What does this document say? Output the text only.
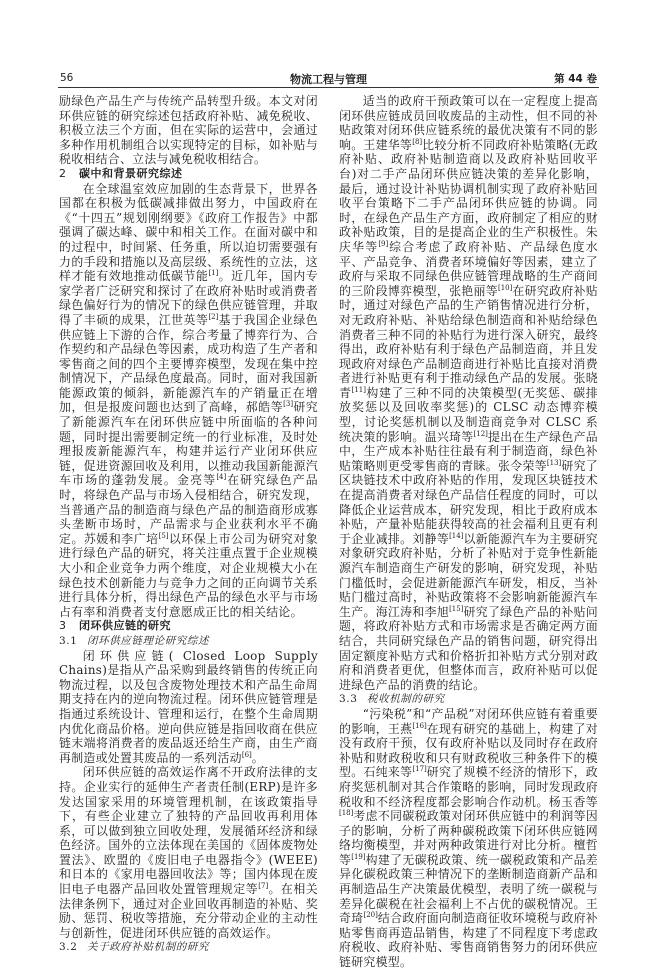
56	物流工程与管理	第 44 卷

励绿色产品生产与传统产品转型升级。本文对闭环供应链的研究综述包括政府补贴、减免税收、积极立法三个方面，但在实际的运营中，会通过多种作用机制组合以实现特定的目标，如补贴与税收相结合、立法与减免税收相结合。

2 碳中和背景研究综述

在全球温室效应加剧的生态背景下，世界各国都在积极为低碳减排做出努力，中国政府在《“十四五”规划刚纲要》《政府工作报告》中都强调了碳达峰、碳中和相关工作。在面对碳中和的过程中，时间紧、任务重，所以迫切需要强有力的手段和措施以及高层级、系统性的立法，这样才能有效地推动低碳节能[1]。近几年，国内专家学者广泛研究和探讨了在政府补贴时或消费者绿色偏好行为的情况下的绿色供应链管理，并取得了丰硕的成果，江世英等[2]基于我国企业绿色供应链上下游的合作，综合考量了博弈行为、合作契约和产品绿色等因素，成功构造了生产者和零售商之间的四个主要博弈模型，发现在集中控制情况下，产品绿色度最高。同时，面对我国新能源政策的倾斜，新能源汽车的产销量正在增加，但是报废问题也达到了高峰，郝皓等[3]研究了新能源汽车在闭环供应链中所面临的各种问题，同时提出需要制定统一的行业标准，及时处理报废新能源汽车，构建并运行产业闭环供应链，促进资源回收及利用，以推动我国新能源汽车市场的蓬勃发展。金亮等[4]在研究绿色产品时，将绿色产品与市场入侵相结合，研究发现，当普通产品的制造商与绿色产品的制造商形成寡头垄断市场时，产品需求与企业获利水平不确定。苏媛和李广培[5]以环保上市公司为研究对象进行绿色产品的研究，将关注重点置于企业规模大小和企业竞争力两个维度，对企业规模大小在绿色技术创新能力与竞争力之间的正向调节关系进行具体分析，得出绿色产品的绿色水平与市场占有率和消费者支付意愿成正比的相关结论。

3 闭环供应链的研究
3.1 闭环供应链理论研究综述

闭环供应链( Closed Loop Supply Chains)是指从产品采购到最终销售的传统正向物流过程，以及包含废物处理技术和产品生命周期支持在内的逆向物流过程。闭环供应链管理是指通过系统设计、管理和运行，在整个生命周期内优化商品价格。逆向供应链是指回收商在供应链末端将消费者的废品返还给生产商，由生产商再制造或处置其废品的一系列活动[6]。

闭环供应链的高效运作离不开政府法律的支持。企业实行的延伸生产者责任制(ERP)是许多发达国家采用的环境管理机制，在该政策指导下，有些企业建立了独特的产品回收再利用体系，可以做到独立回收处理，发展循环经济和绿色经济。国外的立法体现在美国的《固体废物处置法》、欧盟的《废旧电子电器指令》(WEEE)和日本的《家用电器回收法》等；国内体现在废旧电子电器产品回收处置管理规定等[7]。在相关法律条例下，通过对企业回收再制造的补贴、奖励、惩罚、税收等措施，充分带动企业的主动性与创新性，促进闭环供应链的高效运作。

3.2 关于政府补贴机制的研究

适当的政府干预政策可以在一定程度上提高闭环供应链成员回收废品的主动性，但不同的补贴政策对闭环供应链系统的最优决策有不同的影响。王建华等[8]比较分析不同政府补贴策略(无政府补贴、政府补贴制造商以及政府补贴回收平台)对二手产品闭环供应链决策的差异化影响，最后，通过设计补贴协调机制实现了政府补贴回收平台策略下二手产品闭环供应链的协调。同时，在绿色产品生产方面，政府制定了相应的财政补贴政策，目的是提高企业的生产积极性。朱庆华等[9]综合考虑了政府补贴、产品绿色度水平、产品竞争、消费者环境偏好等因素，建立了政府与采取不同绿色供应链管理战略的生产商间的三阶段博弈模型，张艳丽等[10]在研究政府补贴时，通过对绿色产品的生产销售情况进行分析，对无政府补贴、补贴给绿色制造商和补贴给绿色消费者三种不同的补贴行为进行深入研究，最终得出，政府补贴有利于绿色产品制造商，并且发现政府对绿色产品制造商进行补贴比直接对消费者进行补贴更有利于推动绿色产品的发展。张晓青[11]构建了三种不同的决策模型(无奖惩、碳排放奖惩以及回收率奖惩)的 CLSC 动态博弈模型，讨论奖惩机制以及制造商竞争对 CLSC 系统决策的影响。温兴琦等[12]提出在生产绿色产品中，生产成本补贴往往最有利于制造商，绿色补贴策略则更受零售商的青睐。张令荣等[13]研究了区块链技术中政府补贴的作用，发现区块链技术在提高消费者对绿色产品信任程度的同时，可以降低企业运营成本，研究发现，相比于政府成本补贴，产量补贴能获得较高的社会福利且更有利于企业减排。刘静等[14]以新能源汽车为主要研究对象研究政府补贴，分析了补贴对于竞争性新能源汽车制造商生产研发的影响，研究发现，补贴门槛低时，会促进新能源汽车研发，相反，当补贴门槛过高时，补贴政策将不会影响新能源汽车生产。海江涛和李旭[15]研究了绿色产品的补贴问题，将政府补贴方式和市场需求是否确定两方面结合，共同研究绿色产品的销售问题，研究得出固定额度补贴方式和价格折扣补贴方式分别对政府和消费者更优，但整体而言，政府补贴可以促进绿色产品的消费的结论。

3.3 税收机制的研究

“污染税”和“产品税”对闭环供应链有着重要的影响，王燕[16]在现有研究的基础上，构建了对没有政府干预，仅有政府补贴以及同时存在政府补贴和财政税收和只有财政税收三种条件下的模型。石纯来等[17]研究了规模不经济的情形下，政府奖惩机制对其合作策略的影响，同时发现政府税收和不经济程度都会影响合作动机。杨玉香等[18]考虑不同碳税政策对闭环供应链中的利润等因子的影响，分析了两种碳税政策下闭环供应链网络均衡模型，并对两种政策进行对比分析。檀哲等[19]构建了无碳税政策、统一碳税政策和产品差异化碳税政策三种情况下的垄断制造商新产品和再制造品生产决策最优模型，表明了统一碳税与差异化碳税在社会福利上不占优的碳税情况。王奇琦[20]结合政府面向制造商征收环境税与政府补贴零售商再造品销售，构建了不同程度下考虑政府税收、政府补贴、零售商销售努力的闭环供应链研究模型。
